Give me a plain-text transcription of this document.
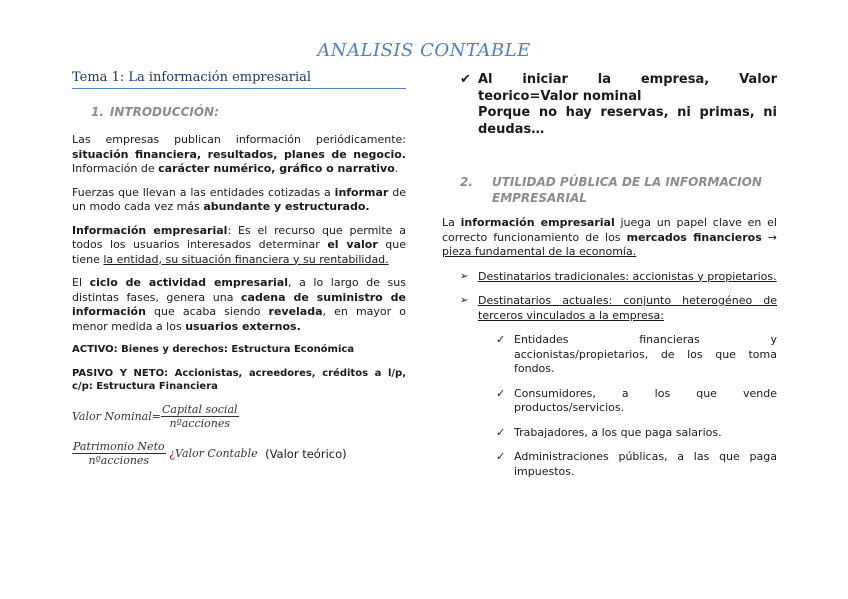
ANALISIS CONTABLE
Tema 1: La información empresarial
1. INTRODUCCIÓN:

Las empresas publican información periódicamente: situación financiera, resultados, planes de negocio. Información de carácter numérico, gráfico o narrativo.

Fuerzas que llevan a las entidades cotizadas a informar de un modo cada vez más abundante y estructurado.

Información empresarial: Es el recurso que permite a todos los usuarios interesados determinar el valor que tiene la entidad, su situación financiera y su rentabilidad.

El ciclo de actividad empresarial, a lo largo de sus distintas fases, genera una cadena de suministro de información que acaba siendo revelada, en mayor o menor medida a los usuarios externos.

ACTIVO: Bienes y derechos: Estructura Económica

PASIVO Y NETO: Accionistas, acreedores, créditos a l/p, c/p: Estructura Financiera

Valor Nominal= $\frac{\text{Capital social}}{\text{nºacciones}}$
$\frac{\text{Patrimonio Neto}}{\text{nºacciones}}$ ¿Valor Contable (Valor teórico)
✔ Al iniciar la empresa, Valor teorico=Valor nominal
Porque no hay reservas, ni primas, ni deudas…
2. UTILIDAD PÚBLICA DE LA INFORMACION EMPRESARIAL

La información empresarial juega un papel clave en el correcto funcionamiento de los mercados financieros → pieza fundamental de la economía.

➢ Destinatarios tradicionales: accionistas y propietarios.

➢ Destinatarios actuales: conjunto heterogéneo de terceros vinculados a la empresa:

✓ Entidades financieras y accionistas/propietarios, de los que toma fondos.

✓ Consumidores, a los que vende productos/servicios.

✓ Trabajadores, a los que paga salarios.

✓ Administraciones públicas, a las que paga impuestos.
